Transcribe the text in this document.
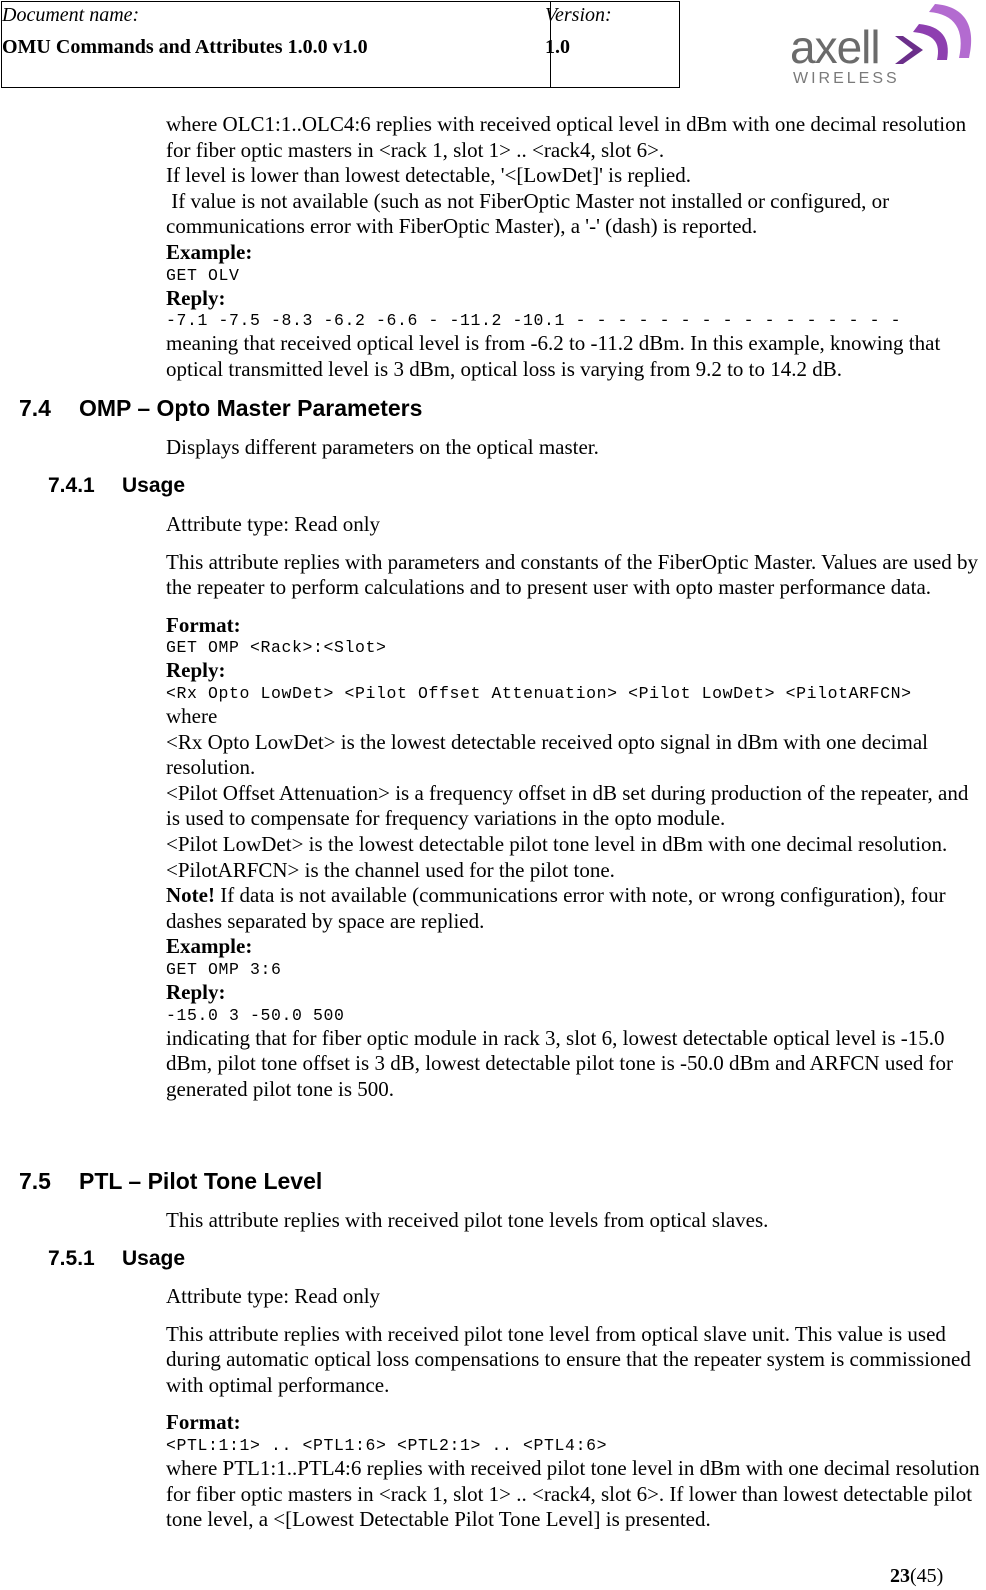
Document name:
OMU Commands and Attributes 1.0.0 v1.0
Version:
1.0	axell
WIRELESS

where OLC1:1..OLC4:6 replies with received optical level in dBm with one decimal resolution for fiber optic masters in <rack 1, slot 1> .. <rack4, slot 6>.

If level is lower than lowest detectable, '<[LowDet]' is replied.

If value is not available (such as not FiberOptic Master not installed or configured, or communications error with FiberOptic Master), a '-' (dash) is reported.

Example:

GET OLV

Reply:

-7.1 -7.5 -8.3 -6.2 -6.6 - -11.2 -10.1 - - - - - - - - - - - - - - - -

meaning that received optical level is from -6.2 to -11.2 dBm. In this example, knowing that optical transmitted level is 3 dBm, optical loss is varying from 9.2 to to 14.2 dB.

7.4 OMP – Opto Master Parameters

Displays different parameters on the optical master.

7.4.1 Usage

Attribute type: Read only

This attribute replies with parameters and constants of the FiberOptic Master. Values are used by the repeater to perform calculations and to present user with opto master performance data.

Format:

GET OMP <Rack>:<Slot>

Reply:

<Rx Opto LowDet> <Pilot Offset Attenuation> <Pilot LowDet> <PilotARFCN>

where

<Rx Opto LowDet> is the lowest detectable received opto signal in dBm with one decimal resolution.

<Pilot Offset Attenuation> is a frequency offset in dB set during production of the repeater, and is used to compensate for frequency variations in the opto module.

<Pilot LowDet> is the lowest detectable pilot tone level in dBm with one decimal resolution.

<PilotARFCN> is the channel used for the pilot tone.

Note! If data is not available (communications error with note, or wrong configuration), four dashes separated by space are replied.

Example:

GET OMP 3:6

Reply:

-15.0 3 -50.0 500

indicating that for fiber optic module in rack 3, slot 6, lowest detectable optical level is -15.0 dBm, pilot tone offset is 3 dB, lowest detectable pilot tone is -50.0 dBm and ARFCN used for generated pilot tone is 500.

7.5 PTL – Pilot Tone Level

This attribute replies with received pilot tone levels from optical slaves.

7.5.1 Usage

Attribute type: Read only

This attribute replies with received pilot tone level from optical slave unit. This value is used during automatic optical loss compensations to ensure that the repeater system is commissioned with optimal performance.

Format:

<PTL:1:1> .. <PTL1:6> <PTL2:1> .. <PTL4:6>

where PTL1:1..PTL4:6 replies with received pilot tone level in dBm with one decimal resolution for fiber optic masters in <rack 1, slot 1> .. <rack4, slot 6>. If lower than lowest detectable pilot tone level, a <[Lowest Detectable Pilot Tone Level] is presented.

23(45)
